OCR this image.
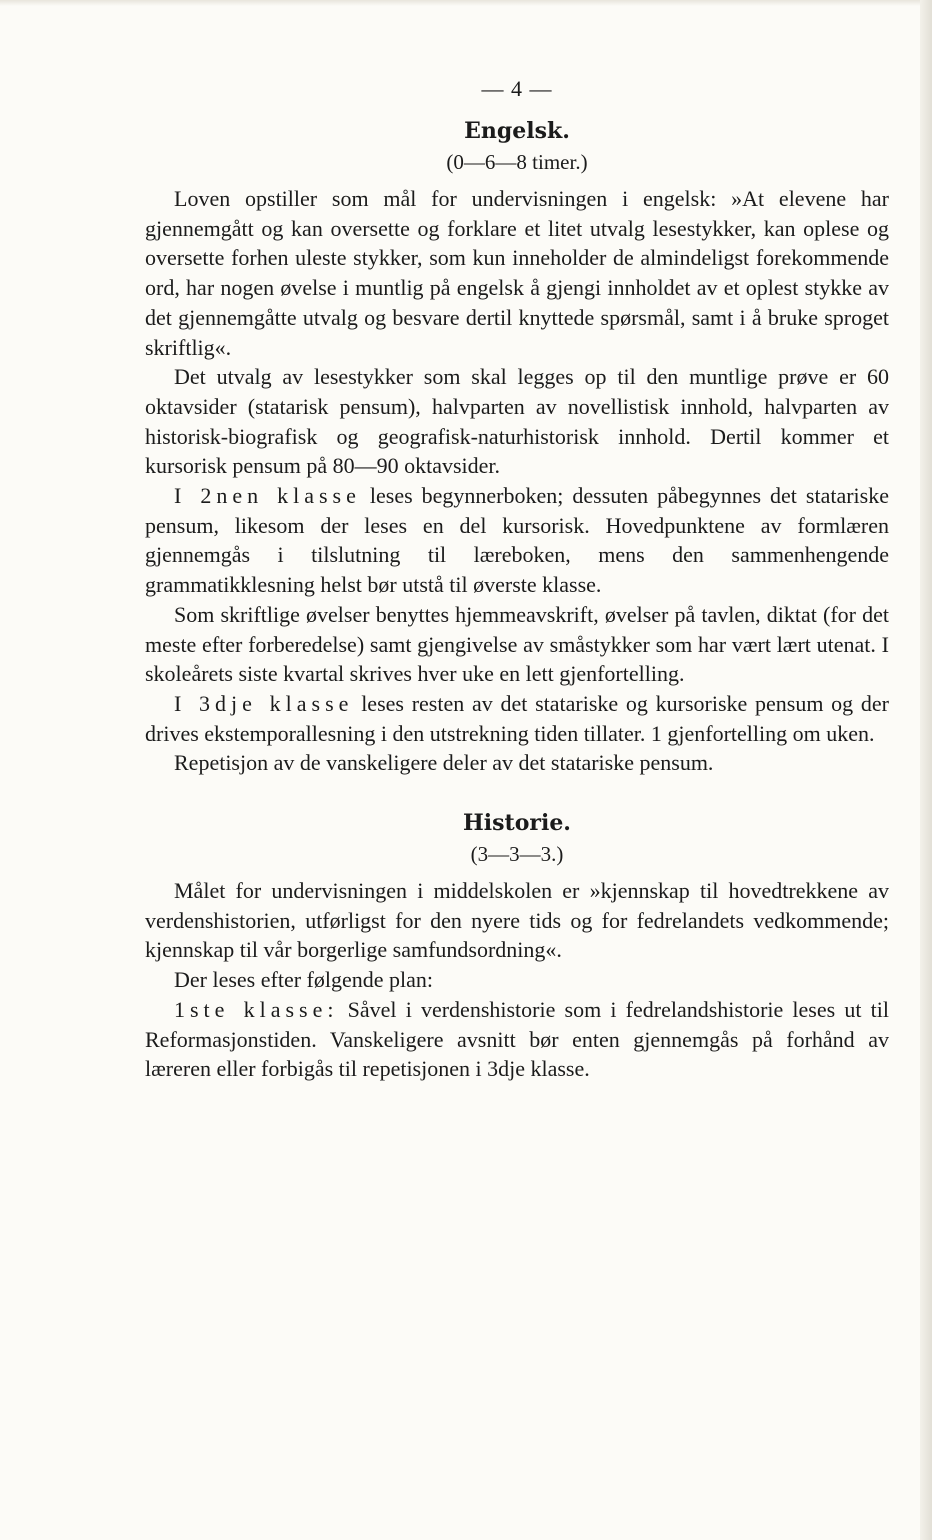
— 4 —
Engelsk.
(0—6—8 timer.)

Loven opstiller som mål for undervisningen i engelsk: »At elevene har gjennemgått og kan oversette og forklare et litet utvalg lesestykker, kan oplese og oversette forhen uleste stykker, som kun inneholder de almindeligst forekommende ord, har nogen øvelse i muntlig på engelsk å gjengi innholdet av et oplest stykke av det gjennemgåtte utvalg og besvare dertil knyttede spørsmål, samt i å bruke sproget skriftlig«.

Det utvalg av lesestykker som skal legges op til den muntlige prøve er 60 oktavsider (statarisk pensum), halvparten av novellistisk innhold, halvparten av historisk-biografisk og geografisk-naturhistorisk innhold. Dertil kommer et kursorisk pensum på 80—90 oktavsider.

I 2nen klasse leses begynnerboken; dessuten påbegynnes det statariske pensum, likesom der leses en del kursorisk. Hovedpunktene av formlæren gjennemgås i tilslutning til læreboken, mens den sammenhengende grammatikklesning helst bør utstå til øverste klasse.

Som skriftlige øvelser benyttes hjemmeavskrift, øvelser på tavlen, diktat (for det meste efter forberedelse) samt gjengivelse av småstykker som har vært lært utenat. I skoleårets siste kvartal skrives hver uke en lett gjenfortelling.

I 3dje klasse leses resten av det statariske og kursoriske pensum og der drives ekstemporallesning i den utstrekning tiden tillater. 1 gjenfortelling om uken.

Repetisjon av de vanskeligere deler av det statariske pensum.

Historie.
(3—3—3.)

Målet for undervisningen i middelskolen er »kjennskap til hovedtrekkene av verdenshistorien, utførligst for den nyere tids og for fedrelandets vedkommende; kjennskap til vår borgerlige samfundsordning«.

Der leses efter følgende plan:

1ste klasse: Såvel i verdenshistorie som i fedrelandshistorie leses ut til Reformasjonstiden. Vanskeligere avsnitt bør enten gjennemgås på forhånd av læreren eller forbigås til repetisjonen i 3dje klasse.
